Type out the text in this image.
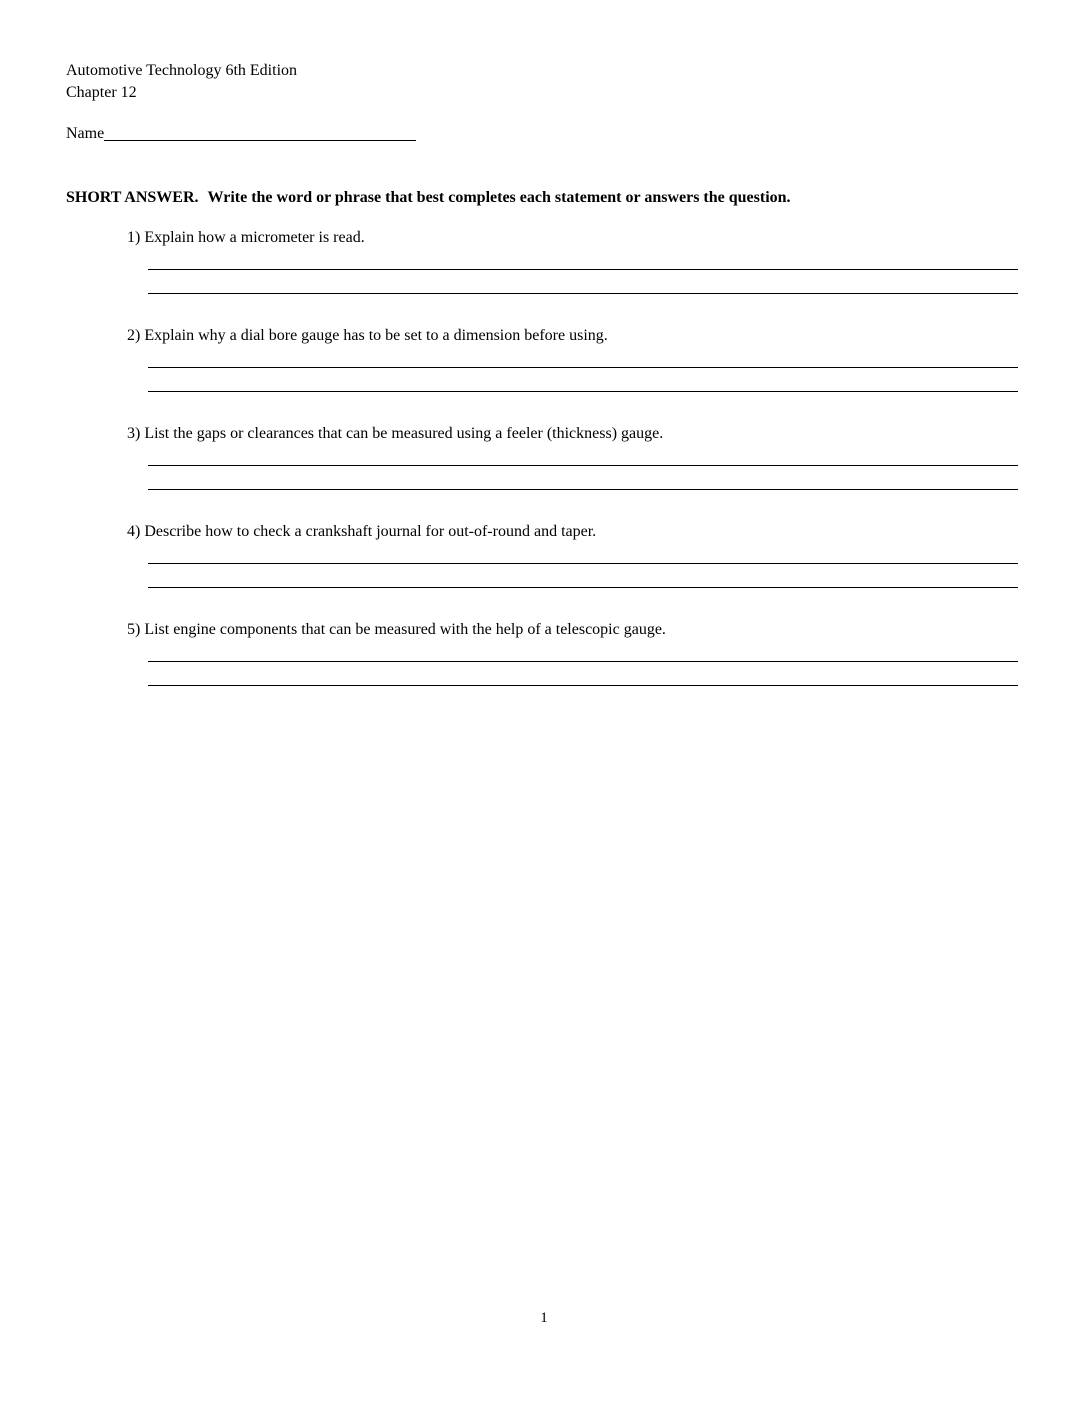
Automotive Technology 6th Edition
Chapter 12
Name

SHORT ANSWER. Write the word or phrase that best completes each statement or answers the question.

1) Explain how a micrometer is read.

2) Explain why a dial bore gauge has to be set to a dimension before using.

3) List the gaps or clearances that can be measured using a feeler (thickness) gauge.

4) Describe how to check a crankshaft journal for out-of-round and taper.

5) List engine components that can be measured with the help of a telescopic gauge.

1
